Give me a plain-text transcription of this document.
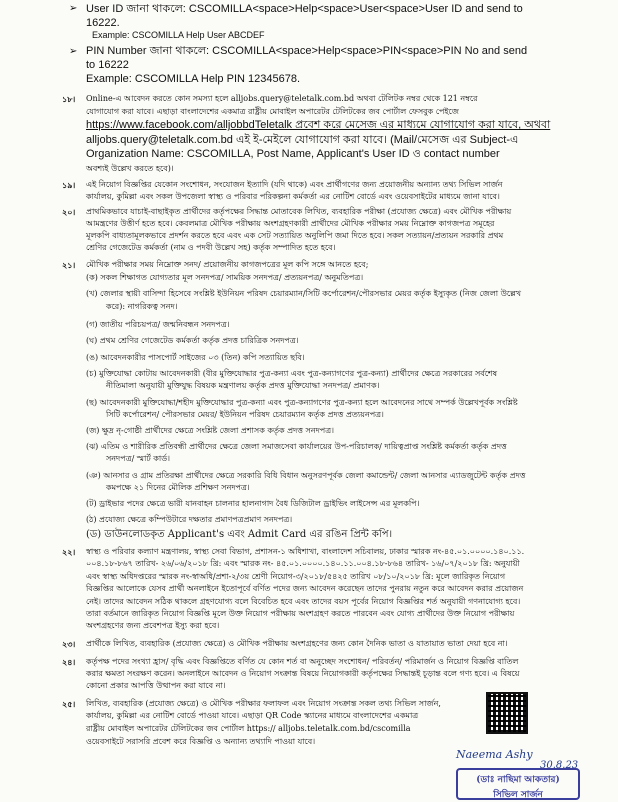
➢ User ID জানা থাকলে: CSCOMILLA<space>Help<space>User<space>User ID and send to
16222.
Example: CSCOMILLA Help User ABCDEF
➢ PIN Number জানা থাকলে: CSCOMILLA<space>Help<space>PIN<space>PIN No and send
to 16222
Example: CSCOMILLA Help PIN 12345678.
১৮। Online-এ আবেদন করতে কোন সমস্যা হলে alljobs.query@teletalk.com.bd অথবা টেলিটক নম্বর থেকে 121 নম্বরে
যোগাযোগ করা যাবে। এছাড়া বাংলাদেশের একমাত্র রাষ্ট্রীয় মোবাইল অপারেটর টেলিটকের জব পোর্টাল ফেসবুক পেইজে
https://www.facebook.com/alljobbdTeletalk প্রবেশ করে মেসেজ এর মাধ্যমে যোগাযোগ করা যাবে, অথবা
alljobs.query@teletalk.com.bd এই ই-মেইলে যোগাযোগ করা যাবে। (Mail/মেসেজ এর Subject-এ
Organization Name: CSCOMILLA, Post Name, Applicant's User ID ও contact number
অবশ্যই উল্লেখ করতে হবে)।
১৯। এই নিয়োগ বিজ্ঞপ্তির যেকোন সংশোধন, সংযোজন ইত্যাদি (যদি থাকে) এবং প্রার্থীগণের জন্য প্রয়োজনীয় অন্যান্য তথ্য সিভিল সার্জন
কার্যালয়, কুমিল্লা এবং সকল উপজেলা স্বাস্থ্য ও পরিবার পরিকল্পনা কর্মকর্তা এর নোটিশ বোর্ডে এবং ওয়েবসাইটের মাধ্যমে জানা যাবে।
২০। প্রাথমিকভাবে যাচাই-বাছাইকৃত প্রার্থীদের কর্তৃপক্ষের সিদ্ধান্ত মোতাবেক লিখিত, ব্যবহারিক পরীক্ষা (প্রযোজ্য ক্ষেত্রে) এবং মৌখিক পরীক্ষায়
আমন্ত্রণের উত্তীর্ণ হতে হবে। কেবলমাত্র মৌখিক পরীক্ষায় অংশগ্রহণকারী প্রার্থীদের মৌখিক পরীক্ষার সময় নিম্নোক্ত কাগজপত্র সমূহের
মূলকপি বাধ্যতামূলকভাবে প্রদর্শন করতে হবে এবং এক সেট সত্যায়িত অনুলিপি জমা দিতে হবে। সকল সত্যায়ন/প্রত্যয়ন সরকারি প্রথম
শ্রেণির গেজেটেড কর্মকর্তা (নাম ও পদবী উল্লেখ সহ) কর্তৃক সম্পাদিত হতে হবে।
২১। মৌখিক পরীক্ষার সময় নিম্নোক্ত সনদ/ প্রয়োজনীয় কাগজপত্রের মূল কপি সঙ্গে আনতে হবে;
(ক) সকল শিক্ষাগত যোগ্যতার মূল সনদপত্র/ সাময়িক সনদপত্র/ প্রত্যয়নপত্র/ অনুমতিপত্র।
(খ) জেলার স্থায়ী বাসিন্দা হিসেবে সংশ্লিষ্ট ইউনিয়ন পরিষদ চেয়ারম্যান/সিটি কর্পোরেশন/পৌরসভার মেয়র কর্তৃক ইস্যুকৃত (নিজ জেলা উল্লেখ
করে): নাগরিকত্ব সনদ।
(গ) জাতীয় পরিচয়পত্র/ জন্মনিবন্ধন সনদপত্র।
(ঘ) প্রথম শ্রেণির গেজেটেড কর্মকর্তা কর্তৃক প্রদত্ত চারিত্রিক সনদপত্র।
(ঙ) আবেদনকারীর পাসপোর্ট সাইজের ০৩ (তিন) কপি সত্যায়িত ছবি।
(চ) মুক্তিযোদ্ধা কোটায় আবেদনকারী (বীর মুক্তিযোদ্ধার পুত্র-কন্যা এবং পুত্র-কন্যাগণের পুত্র-কন্যা) প্রার্থীদের ক্ষেত্রে সরকারের সর্বশেষ
নীতিমালা অনুযায়ী মুক্তিযুদ্ধ বিষয়ক মন্ত্রণালয় কর্তৃক প্রদত্ত মুক্তিযোদ্ধা সনদপত্র/ প্রমাণক।
(ছ) আবেদনকারী মুক্তিযোদ্ধা/শহীদ মুক্তিযোদ্ধার পুত্র-কন্যা এবং পুত্র-কন্যাগণের পুত্র-কন্যা হলে আবেদনের সাথে সম্পর্ক উল্লেখপূর্বক সংশ্লিষ্ট
সিটি কর্পোরেশন/ পৌরসভার মেয়র/ ইউনিয়ন পরিষদ চেয়ারম্যান কর্তৃক প্রদত্ত প্রত্যয়নপত্র।
(জ) ক্ষুদ্র নৃ-গোষ্ঠী প্রার্থীদের ক্ষেত্রে সংশ্লিষ্ট জেলা প্রশাসক কর্তৃক প্রদত্ত সনদপত্র।
(ঝ) এতিম ও শারীরিক প্রতিবন্ধী প্রার্থীদের ক্ষেত্রে জেলা সমাজসেবা কার্যালয়ের উপ-পরিচালক/ দায়িত্বপ্রাপ্ত সংশ্লিষ্ট কর্মকর্তা কর্তৃক প্রদত্ত
সনদপত্র/ স্মার্ট কার্ড।
(ঞ) আনসার ও গ্রাম প্রতিরক্ষা প্রার্থীদের ক্ষেত্রে সরকারি বিধি বিধান অনুসরণপূর্বক জেলা কমান্ডেন্ট/ জেলা আনসার এ্যাডজুটেন্ট কর্তৃক প্রদত্ত
কমপক্ষে ২১ দিনের মৌলিক প্রশিক্ষণ সনদপত্র।
(ট) ড্রাইভার পদের ক্ষেত্রে ভারী যানবাহন চালনার হালনাগাদ বৈধ ডিজিটাল ড্রাইভিং লাইসেন্স এর মূলকপি।
(ঠ) প্রযোজ্য ক্ষেত্রে কম্পিউটারে দক্ষতার প্রমাণপত্রপ্রমাণ সনদপত্র।
(ড) ডাউনলোডকৃত Applicant's এবং Admit Card এর রঙিন প্রিন্ট কপি।
২২। স্বাস্থ্য ও পরিবার কল্যাণ মন্ত্রণালয়, স্বাস্থ্য সেবা বিভাগ, প্রশাসন-১ অধিশাখা, বাংলাদেশ সচিবালয়, ঢাকার স্মারক নং-৪৫.০১.০০০০.১৪০.১১.
০০৪.১৮-৮৬৭ তারিখ- ২৬/০৬/২০১৮ খ্রি: এবং স্মারক নং- ৪৫.০১.০০০০.১৪০.১১.০০৪.১৮-৮৬৪ তারিখ- ১৬/০৭/২০১৮ খ্রি: অনুযায়ী
এবং স্বাস্থ্য অধিদপ্তরের স্মারক নং-স্বাঅধি/প্রশা-২/৩য় শ্রেণী নিয়োগ-৩/২০১৮/৫৪২৫ তারিখ ০৮/১০/২০১৮ খ্রি: মূলে জারিকৃত নিয়োগ
বিজ্ঞপ্তির আলোকে যেসব প্রার্থী অনলাইনে ইতোপূর্বে বর্ণিত পদের জন্য আবেদন করেছেন তাদের পুনরায় নতুন করে আবেদন করার প্রয়োজন
নেই। তাদের আবেদন সঠিক থাকলে গ্রহণযোগ্য বলে বিবেচিত হবে এবং তাদের বয়স পূর্বের নিয়োগ বিজ্ঞপ্তির শর্ত অনুযায়ী গণনাযোগ্য হবে।
তারা বর্তমানে জারিকৃত নিয়োগ বিজ্ঞপ্তি মূলে উক্ত নিয়োগ পরীক্ষায় অংশগ্রহণ করতে পারবেন এবং যোগ্য প্রার্থীদের উক্ত নিয়োগ পরীক্ষায়
অংশগ্রহণের জন্য প্রবেশপত্র ইস্যু করা হবে।
২৩। প্রার্থীকে লিখিত, ব্যবহারিক (প্রযোজ্য ক্ষেত্রে) ও মৌখিক পরীক্ষায় অংশগ্রহণের জন্য কোন দৈনিক ভাতা ও যাতায়াত ভাতা দেয়া হবে না।
২৪। কর্তৃপক্ষ পদের সংখ্যা হ্রাস/ বৃদ্ধি এবং বিজ্ঞপ্তিতে বর্ণিত যে কোন শর্ত বা অনুচ্ছেদ সংশোধন/ পরিবর্তন/ পরিমার্জন ও নিয়োগ বিজ্ঞপ্তি বাতিল
করার ক্ষমতা সংরক্ষণ করেন। অনলাইনে আবেদন ও নিয়োগ সংক্রান্ত বিষয়ে নিয়োগকারী কর্তৃপক্ষের সিদ্ধান্তই চূড়ান্ত বলে গণ্য হবে। এ বিষয়ে
কোনো প্রকার আপত্তি উত্থাপন করা যাবে না।
২৫। লিখিত, ব্যবহারিক (প্রযোজ্য ক্ষেত্রে) ও মৌখিক পরীক্ষার ফলাফল এবং নিয়োগ সংক্রান্ত সকল তথ্য সিভিল সার্জন,
কার্যালয়, কুমিল্লা এর নোটিশ বোর্ডে পাওয়া যাবে। এছাড়া QR Code স্ক্যানের মাধ্যমে বাংলাদেশের একমাত্র
রাষ্ট্রীয় মোবাইল অপারেটর টেলিটকের জব পোর্টাল https:// alljobs.teletalk.com.bd/cscomilla
ওয়েবসাইটে সরাসরি প্রবেশ করে বিজ্ঞপ্তি ও অন্যান্য তথ্যাদি পাওয়া যাবে।
Naeema Ashy
30.8.23
(ডাঃ নাছিমা আকতার)
সিভিল সার্জন
